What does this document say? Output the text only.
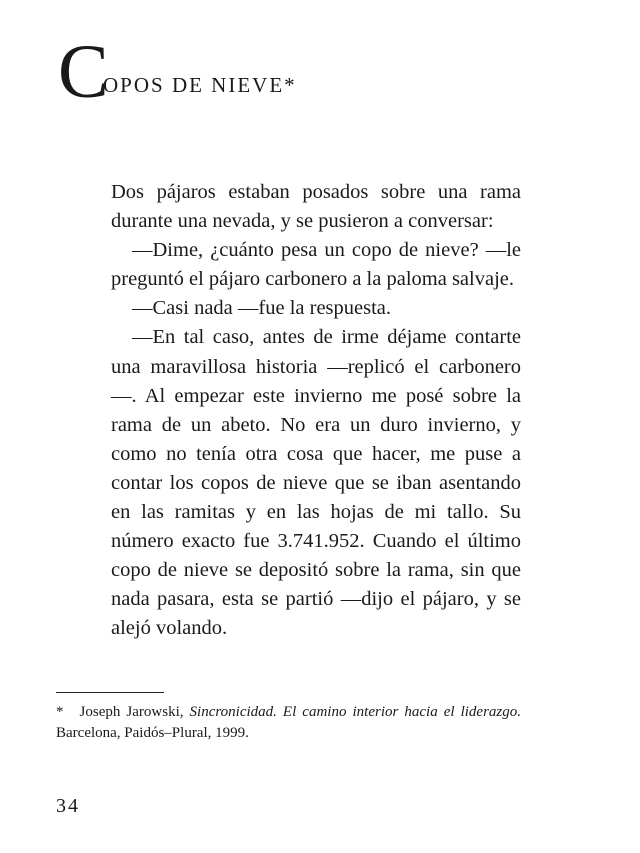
C
OPOS DE NIEVE*

Dos pájaros estaban posados sobre una rama durante una nevada, y se pusieron a conversar:

—Dime, ¿cuánto pesa un copo de nieve? —le preguntó el pájaro carbonero a la paloma salvaje.

—Casi nada —fue la respuesta.

—En tal caso, antes de irme déjame contarte una maravillosa historia —replicó el carbonero—. Al empezar este invierno me posé sobre la rama de un abeto. No era un duro invierno, y como no tenía otra cosa que hacer, me puse a contar los copos de nieve que se iban asentando en las ramitas y en las hojas de mi tallo. Su número exacto fue 3.741.952. Cuando el último copo de nieve se depositó sobre la rama, sin que nada pasara, esta se partió —dijo el pájaro, y se alejó volando.

* Joseph Jarowski, Sincronicidad. El camino interior hacia el liderazgo. Barcelona, Paidós–Plural, 1999.
34
